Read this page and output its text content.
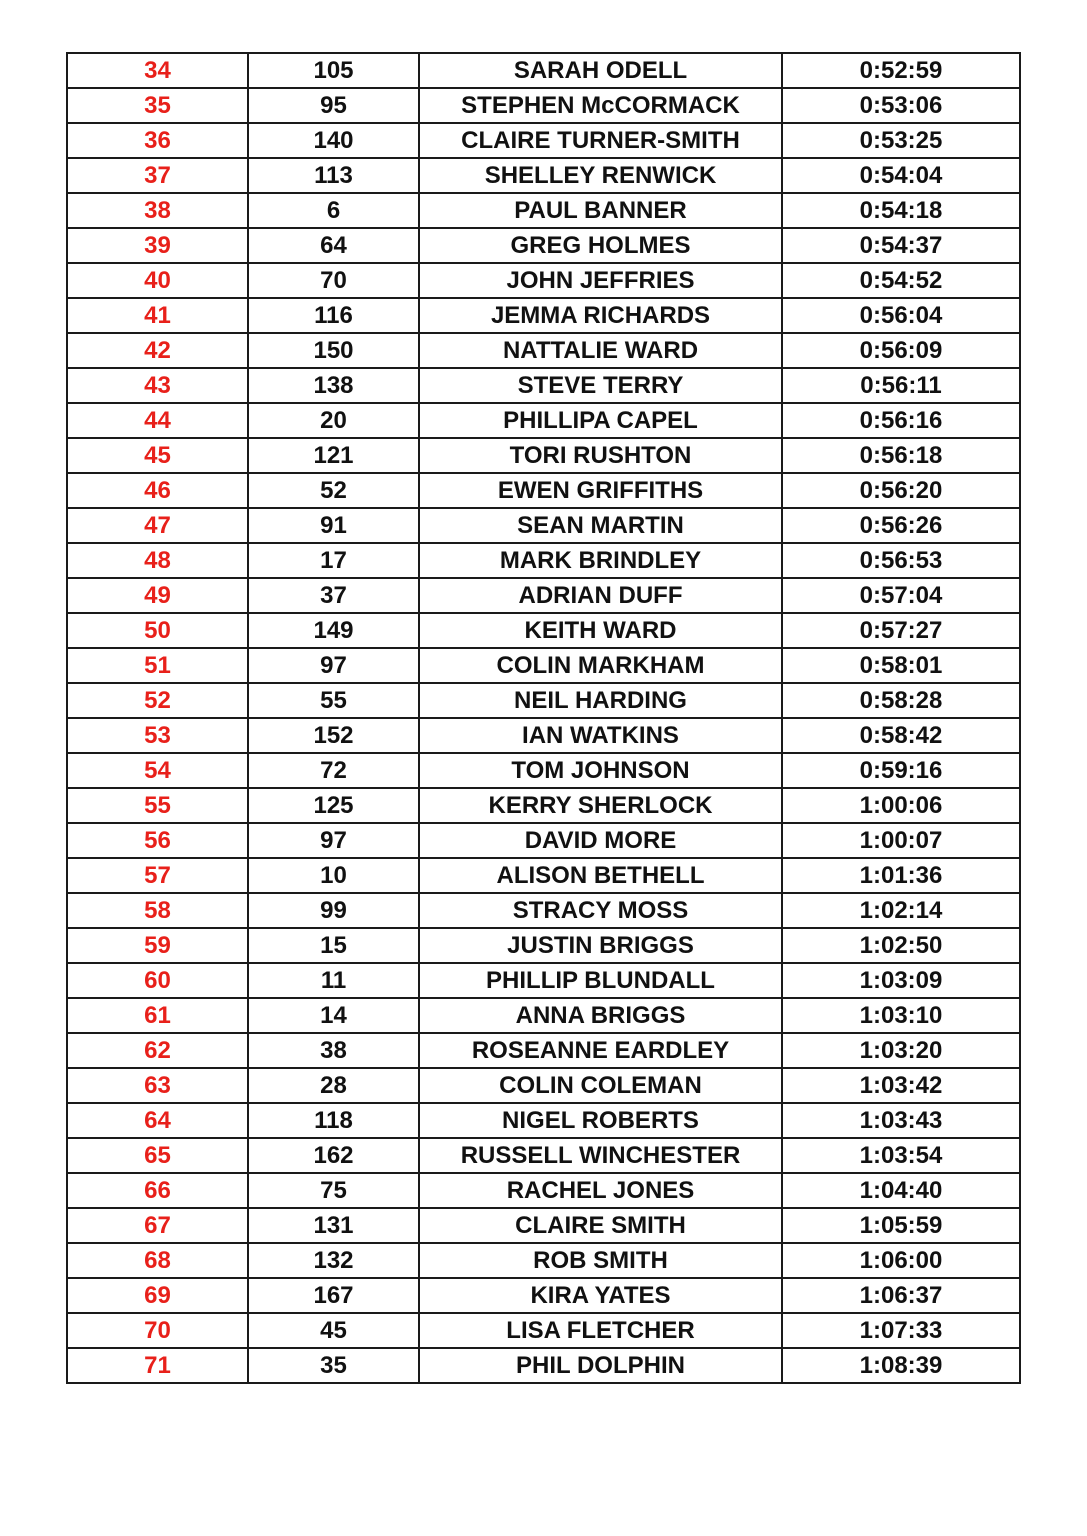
34	105	SARAH ODELL	0:52:59
35	95	STEPHEN McCORMACK	0:53:06
36	140	CLAIRE TURNER-SMITH	0:53:25
37	113	SHELLEY RENWICK	0:54:04
38	6	PAUL BANNER	0:54:18
39	64	GREG HOLMES	0:54:37
40	70	JOHN JEFFRIES	0:54:52
41	116	JEMMA RICHARDS	0:56:04
42	150	NATTALIE WARD	0:56:09
43	138	STEVE TERRY	0:56:11
44	20	PHILLIPA CAPEL	0:56:16
45	121	TORI RUSHTON	0:56:18
46	52	EWEN GRIFFITHS	0:56:20
47	91	SEAN MARTIN	0:56:26
48	17	MARK BRINDLEY	0:56:53
49	37	ADRIAN DUFF	0:57:04
50	149	KEITH WARD	0:57:27
51	97	COLIN MARKHAM	0:58:01
52	55	NEIL HARDING	0:58:28
53	152	IAN WATKINS	0:58:42
54	72	TOM JOHNSON	0:59:16
55	125	KERRY SHERLOCK	1:00:06
56	97	DAVID MORE	1:00:07
57	10	ALISON BETHELL	1:01:36
58	99	STRACY MOSS	1:02:14
59	15	JUSTIN BRIGGS	1:02:50
60	11	PHILLIP BLUNDALL	1:03:09
61	14	ANNA BRIGGS	1:03:10
62	38	ROSEANNE EARDLEY	1:03:20
63	28	COLIN COLEMAN	1:03:42
64	118	NIGEL ROBERTS	1:03:43
65	162	RUSSELL WINCHESTER	1:03:54
66	75	RACHEL JONES	1:04:40
67	131	CLAIRE SMITH	1:05:59
68	132	ROB SMITH	1:06:00
69	167	KIRA YATES	1:06:37
70	45	LISA FLETCHER	1:07:33
71	35	PHIL DOLPHIN	1:08:39
